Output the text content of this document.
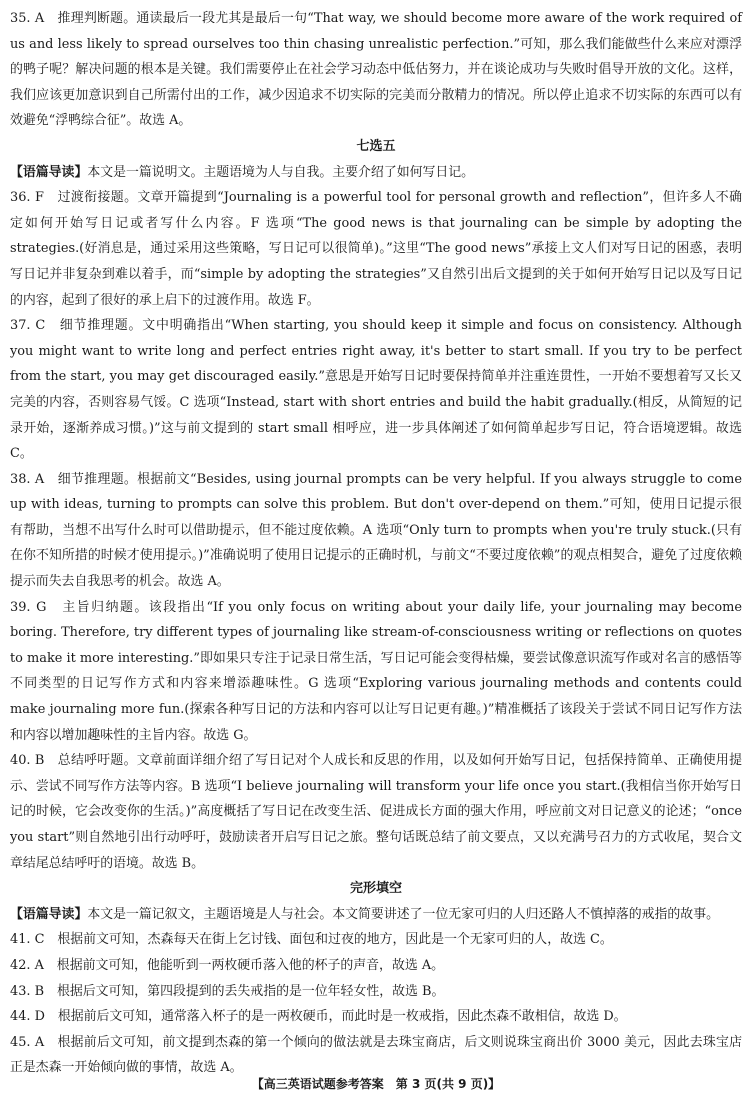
35. A　推理判断题。通读最后一段尤其是最后一句“That way, we should become more aware of the work required of us and less likely to spread ourselves too thin chasing unrealistic perfection.”可知，那么我们能做些什么来应对漂浮的鸭子呢？解决问题的根本是关键。我们需要停止在社会学习动态中低估努力，并在谈论成功与失败时倡导开放的文化。这样，我们应该更加意识到自己所需付出的工作，减少因追求不切实际的完美而分散精力的情况。所以停止追求不切实际的东西可以有效避免“浮鸭综合征”。故选 A。

七选五

【语篇导读】本文是一篇说明文。主题语境为人与自我。主要介绍了如何写日记。

36. F　过渡衔接题。文章开篇提到“Journaling is a powerful tool for personal growth and reflection”，但许多人不确定如何开始写日记或者写什么内容。F 选项“The good news is that journaling can be simple by adopting the strategies.(好消息是，通过采用这些策略，写日记可以很简单)。”这里“The good news”承接上文人们对写日记的困惑，表明写日记并非复杂到难以着手，而“simple by adopting the strategies”又自然引出后文提到的关于如何开始写日记以及写日记的内容，起到了很好的承上启下的过渡作用。故选 F。

37. C　细节推理题。文中明确指出“When starting, you should keep it simple and focus on consistency. Although you might want to write long and perfect entries right away, it's better to start small. If you try to be perfect from the start, you may get discouraged easily.”意思是开始写日记时要保持简单并注重连贯性，一开始不要想着写又长又完美的内容，否则容易气馁。C 选项“Instead, start with short entries and build the habit gradually.(相反，从简短的记录开始，逐渐养成习惯。)”这与前文提到的 start small 相呼应，进一步具体阐述了如何简单起步写日记，符合语境逻辑。故选 C。

38. A　细节推理题。根据前文“Besides, using journal prompts can be very helpful. If you always struggle to come up with ideas, turning to prompts can solve this problem. But don't over-depend on them.”可知，使用日记提示很有帮助，当想不出写什么时可以借助提示，但不能过度依赖。A 选项“Only turn to prompts when you're truly stuck.(只有在你不知所措的时候才使用提示。)”准确说明了使用日记提示的正确时机，与前文“不要过度依赖”的观点相契合，避免了过度依赖提示而失去自我思考的机会。故选 A。

39. G　主旨归纳题。该段指出“If you only focus on writing about your daily life, your journaling may become boring. Therefore, try different types of journaling like stream-of-consciousness writing or reflections on quotes to make it more interesting.”即如果只专注于记录日常生活，写日记可能会变得枯燥，要尝试像意识流写作或对名言的感悟等不同类型的日记写作方式和内容来增添趣味性。G 选项“Exploring various journaling methods and contents could make journaling more fun.(探索各种写日记的方法和内容可以让写日记更有趣。)”精准概括了该段关于尝试不同日记写作方法和内容以增加趣味性的主旨内容。故选 G。

40. B　总结呼吁题。文章前面详细介绍了写日记对个人成长和反思的作用，以及如何开始写日记，包括保持简单、正确使用提示、尝试不同写作方法等内容。B 选项“I believe journaling will transform your life once you start.(我相信当你开始写日记的时候，它会改变你的生活。)”高度概括了写日记在改变生活、促进成长方面的强大作用，呼应前文对日记意义的论述；“once you start”则自然地引出行动呼吁，鼓励读者开启写日记之旅。整句话既总结了前文要点，又以充满号召力的方式收尾，契合文章结尾总结呼吁的语境。故选 B。

完形填空

【语篇导读】本文是一篇记叙文，主题语境是人与社会。本文简要讲述了一位无家可归的人归还路人不慎掉落的戒指的故事。

41. C　根据前文可知，杰森每天在街上乞讨钱、面包和过夜的地方，因此是一个无家可归的人，故选 C。

42. A　根据前文可知，他能听到一两枚硬币落入他的杯子的声音，故选 A。

43. B　根据后文可知，第四段提到的丢失戒指的是一位年轻女性，故选 B。

44. D　根据前后文可知，通常落入杯子的是一两枚硬币，而此时是一枚戒指，因此杰森不敢相信，故选 D。

45. A　根据前后文可知，前文提到杰森的第一个倾向的做法就是去珠宝商店，后文则说珠宝商出价 3000 美元，因此去珠宝店正是杰森一开始倾向做的事情，故选 A。

【高三英语试题参考答案　第 3 页(共 9 页)】
